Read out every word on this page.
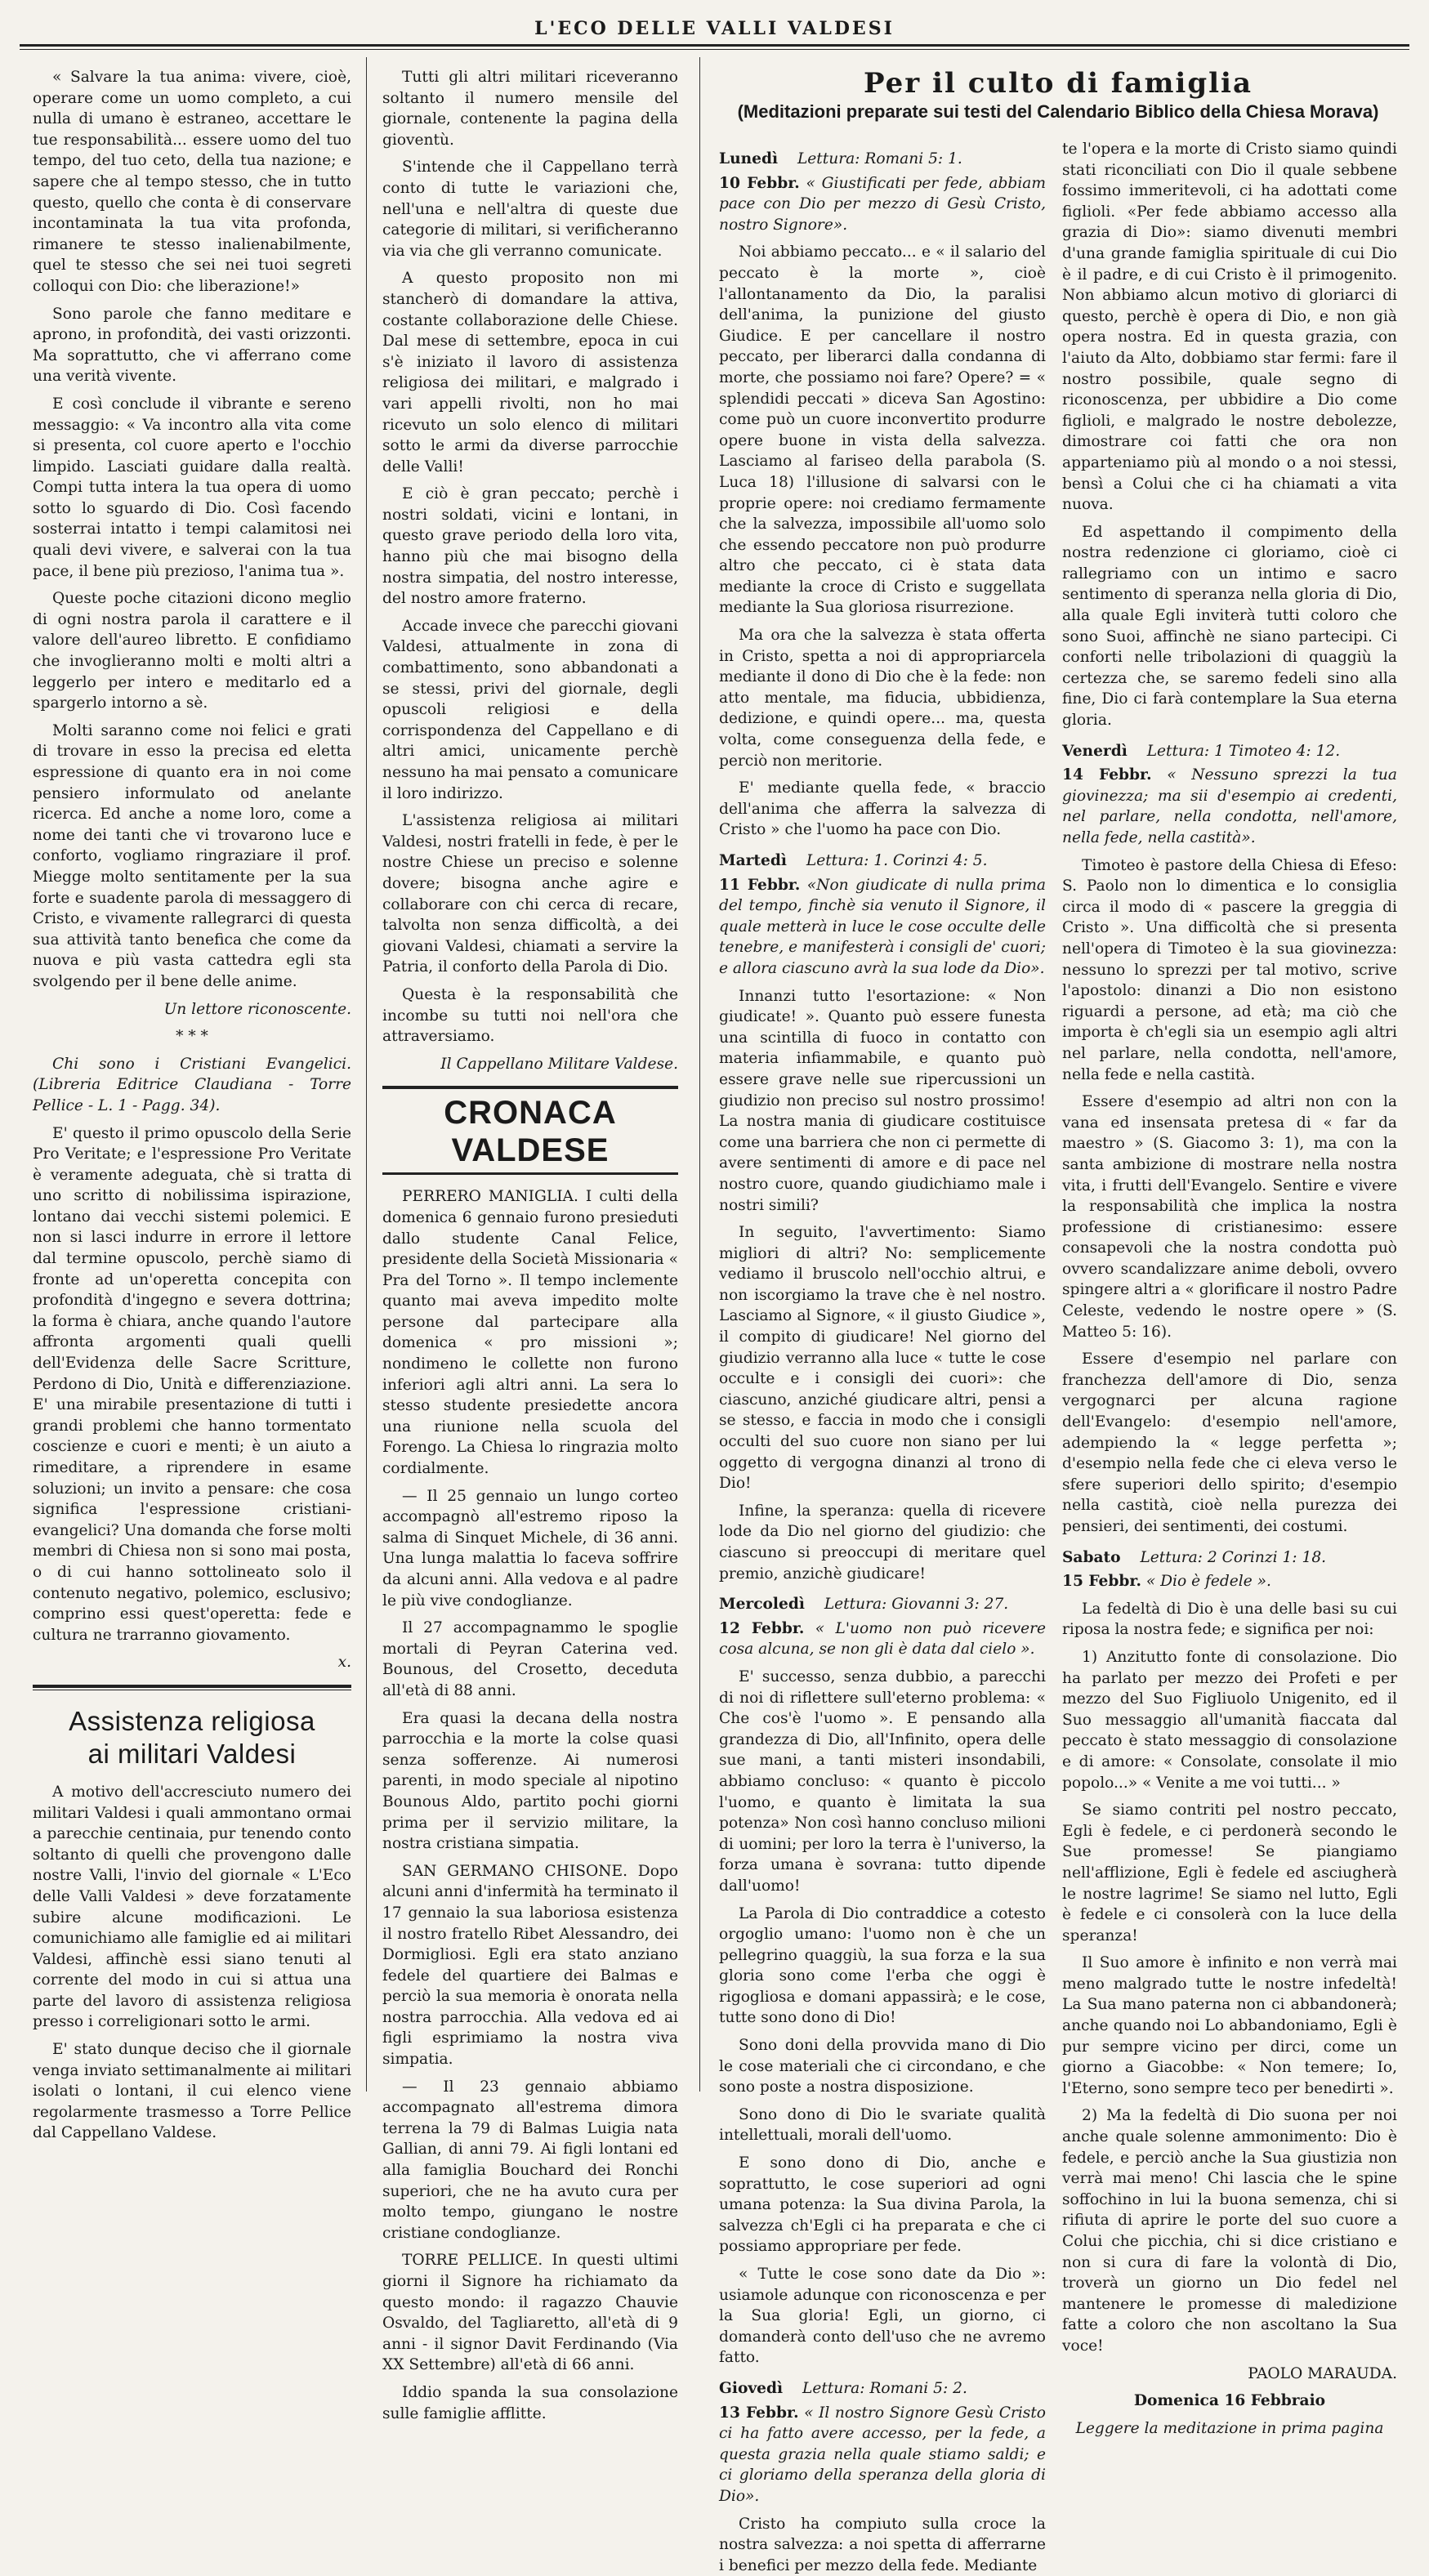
L'ECO DELLE VALLI VALDESI

« Salvare la tua anima: vivere, cioè, operare come un uomo completo, a cui nulla di umano è estraneo, accettare le tue responsabilità... essere uomo del tuo tempo, del tuo ceto, della tua nazione; e sapere che al tempo stesso, che in tutto questo, quello che conta è di conservare incontaminata la tua vita profonda, rimanere te stesso inalienabilmente, quel te stesso che sei nei tuoi segreti colloqui con Dio: che liberazione!»

Sono parole che fanno meditare e aprono, in profondità, dei vasti orizzonti. Ma soprattutto, che vi afferrano come una verità vivente.

E così conclude il vibrante e sereno messaggio: « Va incontro alla vita come si presenta, col cuore aperto e l'occhio limpido. Lasciati guidare dalla realtà. Compi tutta intera la tua opera di uomo sotto lo sguardo di Dio. Così facendo sosterrai intatto i tempi calamitosi nei quali devi vivere, e salverai con la tua pace, il bene più prezioso, l'anima tua ».

Queste poche citazioni dicono meglio di ogni nostra parola il carattere e il valore dell'aureo libretto. E confidiamo che invoglieranno molti e molti altri a leggerlo per intero e meditarlo ed a spargerlo intorno a sè.

Molti saranno come noi felici e grati di trovare in esso la precisa ed eletta espressione di quanto era in noi come pensiero informulato od anelante ricerca. Ed anche a nome loro, come a nome dei tanti che vi trovarono luce e conforto, vogliamo ringraziare il prof. Miegge molto sentitamente per la sua forte e suadente parola di messaggero di Cristo, e vivamente rallegrarci di questa sua attività tanto benefica che come da nuova e più vasta cattedra egli sta svolgendo per il bene delle anime.

Un lettore riconoscente.

* * *

Chi sono i Cristiani Evangelici. (Libreria Editrice Claudiana - Torre Pellice - L. 1 - Pagg. 34).

E' questo il primo opuscolo della Serie Pro Veritate; e l'espressione Pro Veritate è veramente adeguata, chè si tratta di uno scritto di nobilissima ispirazione, lontano dai vecchi sistemi polemici. E non si lasci indurre in errore il lettore dal termine opuscolo, perchè siamo di fronte ad un'operetta concepita con profondità d'ingegno e severa dottrina; la forma è chiara, anche quando l'autore affronta argomenti quali quelli dell'Evidenza delle Sacre Scritture, Perdono di Dio, Unità e differenziazione. E' una mirabile presentazione di tutti i grandi problemi che hanno tormentato coscienze e cuori e menti; è un aiuto a rimeditare, a riprendere in esame soluzioni; un invito a pensare: che cosa significa l'espressione cristiani-evangelici? Una domanda che forse molti membri di Chiesa non si sono mai posta, o di cui hanno sottolineato solo il contenuto negativo, polemico, esclusivo; comprino essi quest'operetta: fede e cultura ne trarranno giovamento.

x.

Assistenza religiosa
ai militari Valdesi

A motivo dell'accresciuto numero dei militari Valdesi i quali ammontano ormai a parecchie centinaia, pur tenendo conto soltanto di quelli che provengono dalle nostre Valli, l'invio del giornale « L'Eco delle Valli Valdesi » deve forzatamente subire alcune modificazioni. Le comunichiamo alle famiglie ed ai militari Valdesi, affinchè essi siano tenuti al corrente del modo in cui si attua una parte del lavoro di assistenza religiosa presso i correligionari sotto le armi.

E' stato dunque deciso che il giornale venga inviato settimanalmente ai militari isolati o lontani, il cui elenco viene regolarmente trasmesso a Torre Pellice dal Cappellano Valdese.

Tutti gli altri militari riceveranno soltanto il numero mensile del giornale, contenente la pagina della gioventù.

S'intende che il Cappellano terrà conto di tutte le variazioni che, nell'una e nell'altra di queste due categorie di militari, si verificheranno via via che gli verranno comunicate.

A questo proposito non mi stancherò di domandare la attiva, costante collaborazione delle Chiese. Dal mese di settembre, epoca in cui s'è iniziato il lavoro di assistenza religiosa dei militari, e malgrado i vari appelli rivolti, non ho mai ricevuto un solo elenco di militari sotto le armi da diverse parrocchie delle Valli!

E ciò è gran peccato; perchè i nostri soldati, vicini e lontani, in questo grave periodo della loro vita, hanno più che mai bisogno della nostra simpatia, del nostro interesse, del nostro amore fraterno.

Accade invece che parecchi giovani Valdesi, attualmente in zona di combattimento, sono abbandonati a se stessi, privi del giornale, degli opuscoli religiosi e della corrispondenza del Cappellano e di altri amici, unicamente perchè nessuno ha mai pensato a comunicare il loro indirizzo.

L'assistenza religiosa ai militari Valdesi, nostri fratelli in fede, è per le nostre Chiese un preciso e solenne dovere; bisogna anche agire e collaborare con chi cerca di recare, talvolta non senza difficoltà, a dei giovani Valdesi, chiamati a servire la Patria, il conforto della Parola di Dio.

Questa è la responsabilità che incombe su tutti noi nell'ora che attraversiamo.

Il Cappellano Militare Valdese.

CRONACA VALDESE

PERRERO MANIGLIA. I culti della domenica 6 gennaio furono presieduti dallo studente Canal Felice, presidente della Società Missionaria « Pra del Torno ». Il tempo inclemente quanto mai aveva impedito molte persone dal partecipare alla domenica « pro missioni »; nondimeno le collette non furono inferiori agli altri anni. La sera lo stesso studente presiedette ancora una riunione nella scuola del Forengo. La Chiesa lo ringrazia molto cordialmente.

— Il 25 gennaio un lungo corteo accompagnò all'estremo riposo la salma di Sinquet Michele, di 36 anni. Una lunga malattia lo faceva soffrire da alcuni anni. Alla vedova e al padre le più vive condoglianze.

Il 27 accompagnammo le spoglie mortali di Peyran Caterina ved. Bounous, del Crosetto, deceduta all'età di 88 anni.

Era quasi la decana della nostra parrocchia e la morte la colse quasi senza sofferenze. Ai numerosi parenti, in modo speciale al nipotino Bounous Aldo, partito pochi giorni prima per il servizio militare, la nostra cristiana simpatia.

SAN GERMANO CHISONE. Dopo alcuni anni d'infermità ha terminato il 17 gennaio la sua laboriosa esistenza il nostro fratello Ribet Alessandro, dei Dormigliosi. Egli era stato anziano fedele del quartiere dei Balmas e perciò la sua memoria è onorata nella nostra parrocchia. Alla vedova ed ai figli esprimiamo la nostra viva simpatia.

— Il 23 gennaio abbiamo accompagnato all'estrema dimora terrena la 79 di Balmas Luigia nata Gallian, di anni 79. Ai figli lontani ed alla famiglia Bouchard dei Ronchi superiori, che ne ha avuto cura per molto tempo, giungano le nostre cristiane condoglianze.

TORRE PELLICE. In questi ultimi giorni il Signore ha richiamato da questo mondo: il ragazzo Chauvie Osvaldo, del Tagliaretto, all'età di 9 anni - il signor Davit Ferdinando (Via XX Settembre) all'età di 66 anni.

Iddio spanda la sua consolazione sulle famiglie afflitte.

Per il culto di famiglia
(Meditazioni preparate sui testi del Calendario Biblico della Chiesa Morava)
Lunedì Lettura: Romani 5: 1.

10 Febbr. « Giustificati per fede, abbiam pace con Dio per mezzo di Gesù Cristo, nostro Signore».

Noi abbiamo peccato... e « il salario del peccato è la morte », cioè l'allontanamento da Dio, la paralisi dell'anima, la punizione del giusto Giudice. E per cancellare il nostro peccato, per liberarci dalla condanna di morte, che possiamo noi fare? Opere? = « splendidi peccati » diceva San Agostino: come può un cuore inconvertito produrre opere buone in vista della salvezza. Lasciamo al fariseo della parabola (S. Luca 18) l'illusione di salvarsi con le proprie opere: noi crediamo fermamente che la salvezza, impossibile all'uomo solo che essendo peccatore non può produrre altro che peccato, ci è stata data mediante la croce di Cristo e suggellata mediante la Sua gloriosa risurrezione.

Ma ora che la salvezza è stata offerta in Cristo, spetta a noi di appropriarcela mediante il dono di Dio che è la fede: non atto mentale, ma fiducia, ubbidienza, dedizione, e quindi opere... ma, questa volta, come conseguenza della fede, e perciò non meritorie.

E' mediante quella fede, « braccio dell'anima che afferra la salvezza di Cristo » che l'uomo ha pace con Dio.

Martedì Lettura: 1. Corinzi 4: 5.

11 Febbr. «Non giudicate di nulla prima del tempo, finchè sia venuto il Signore, il quale metterà in luce le cose occulte delle tenebre, e manifesterà i consigli de' cuori; e allora ciascuno avrà la sua lode da Dio».

Innanzi tutto l'esortazione: « Non giudicate! ». Quanto può essere funesta una scintilla di fuoco in contatto con materia infiammabile, e quanto può essere grave nelle sue ripercussioni un giudizio non preciso sul nostro prossimo! La nostra mania di giudicare costituisce come una barriera che non ci permette di avere sentimenti di amore e di pace nel nostro cuore, quando giudichiamo male i nostri simili?

In seguito, l'avvertimento: Siamo migliori di altri? No: semplicemente vediamo il bruscolo nell'occhio altrui, e non iscorgiamo la trave che è nel nostro. Lasciamo al Signore, « il giusto Giudice », il compito di giudicare! Nel giorno del giudizio verranno alla luce « tutte le cose occulte e i consigli dei cuori»: che ciascuno, anziché giudicare altri, pensi a se stesso, e faccia in modo che i consigli occulti del suo cuore non siano per lui oggetto di vergogna dinanzi al trono di Dio!

Infine, la speranza: quella di ricevere lode da Dio nel giorno del giudizio: che ciascuno si preoccupi di meritare quel premio, anzichè giudicare!

Mercoledì Lettura: Giovanni 3: 27.

12 Febbr. « L'uomo non può ricevere cosa alcuna, se non gli è data dal cielo ».

E' successo, senza dubbio, a parecchi di noi di riflettere sull'eterno problema: « Che cos'è l'uomo ». E pensando alla grandezza di Dio, all'Infinito, opera delle sue mani, a tanti misteri insondabili, abbiamo concluso: « quanto è piccolo l'uomo, e quanto è limitata la sua potenza» Non così hanno concluso milioni di uomini; per loro la terra è l'universo, la forza umana è sovrana: tutto dipende dall'uomo!

La Parola di Dio contraddice a cotesto orgoglio umano: l'uomo non è che un pellegrino quaggiù, la sua forza e la sua gloria sono come l'erba che oggi è rigogliosa e domani appassirà; e le cose, tutte sono dono di Dio!

Sono doni della provvida mano di Dio le cose materiali che ci circondano, e che sono poste a nostra disposizione.

Sono dono di Dio le svariate qualità intellettuali, morali dell'uomo.

E sono dono di Dio, anche e soprattutto, le cose superiori ad ogni umana potenza: la Sua divina Parola, la salvezza ch'Egli ci ha preparata e che ci possiamo appropriare per fede.

« Tutte le cose sono date da Dio »: usiamole adunque con riconoscenza e per la Sua gloria! Egli, un giorno, ci domanderà conto dell'uso che ne avremo fatto.

Giovedì Lettura: Romani 5: 2.

13 Febbr. « Il nostro Signore Gesù Cristo ci ha fatto avere accesso, per la fede, a questa grazia nella quale stiamo saldi; e ci gloriamo della speranza della gloria di Dio».

Cristo ha compiuto sulla croce la nostra salvezza: a noi spetta di afferrarne i benefici per mezzo della fede. Mediante

te l'opera e la morte di Cristo siamo quindi stati riconciliati con Dio il quale sebbene fossimo immeritevoli, ci ha adottati come figlioli. «Per fede abbiamo accesso alla grazia di Dio»: siamo divenuti membri d'una grande famiglia spirituale di cui Dio è il padre, e di cui Cristo è il primogenito. Non abbiamo alcun motivo di gloriarci di questo, perchè è opera di Dio, e non già opera nostra. Ed in questa grazia, con l'aiuto da Alto, dobbiamo star fermi: fare il nostro possibile, quale segno di riconoscenza, per ubbidire a Dio come figlioli, e malgrado le nostre debolezze, dimostrare coi fatti che ora non apparteniamo più al mondo o a noi stessi, bensì a Colui che ci ha chiamati a vita nuova.

Ed aspettando il compimento della nostra redenzione ci gloriamo, cioè ci rallegriamo con un intimo e sacro sentimento di speranza nella gloria di Dio, alla quale Egli inviterà tutti coloro che sono Suoi, affinchè ne siano partecipi. Ci conforti nelle tribolazioni di quaggiù la certezza che, se saremo fedeli sino alla fine, Dio ci farà contemplare la Sua eterna gloria.

Venerdì Lettura: 1 Timoteo 4: 12.

14 Febbr. « Nessuno sprezzi la tua giovinezza; ma sii d'esempio ai credenti, nel parlare, nella condotta, nell'amore, nella fede, nella castità».

Timoteo è pastore della Chiesa di Efeso: S. Paolo non lo dimentica e lo consiglia circa il modo di « pascere la greggia di Cristo ». Una difficoltà che si presenta nell'opera di Timoteo è la sua giovinezza: nessuno lo sprezzi per tal motivo, scrive l'apostolo: dinanzi a Dio non esistono riguardi a persone, ad età; ma ciò che importa è ch'egli sia un esempio agli altri nel parlare, nella condotta, nell'amore, nella fede e nella castità.

Essere d'esempio ad altri non con la vana ed insensata pretesa di « far da maestro » (S. Giacomo 3: 1), ma con la santa ambizione di mostrare nella nostra vita, i frutti dell'Evangelo. Sentire e vivere la responsabilità che implica la nostra professione di cristianesimo: essere consapevoli che la nostra condotta può ovvero scandalizzare anime deboli, ovvero spingere altri a « glorificare il nostro Padre Celeste, vedendo le nostre opere » (S. Matteo 5: 16).

Essere d'esempio nel parlare con franchezza dell'amore di Dio, senza vergognarci per alcuna ragione dell'Evangelo: d'esempio nell'amore, adempiendo la « legge perfetta »; d'esempio nella fede che ci eleva verso le sfere superiori dello spirito; d'esempio nella castità, cioè nella purezza dei pensieri, dei sentimenti, dei costumi.

Sabato Lettura: 2 Corinzi 1: 18.

15 Febbr. « Dio è fedele ».

La fedeltà di Dio è una delle basi su cui riposa la nostra fede; e significa per noi:

1) Anzitutto fonte di consolazione. Dio ha parlato per mezzo dei Profeti e per mezzo del Suo Figliuolo Unigenito, ed il Suo messaggio all'umanità fiaccata dal peccato è stato messaggio di consolazione e di amore: « Consolate, consolate il mio popolo...» « Venite a me voi tutti... »

Se siamo contriti pel nostro peccato, Egli è fedele, e ci perdonerà secondo le Sue promesse! Se piangiamo nell'afflizione, Egli è fedele ed asciugherà le nostre lagrime! Se siamo nel lutto, Egli è fedele e ci consolerà con la luce della speranza!

Il Suo amore è infinito e non verrà mai meno malgrado tutte le nostre infedeltà! La Sua mano paterna non ci abbandonerà; anche quando noi Lo abbandoniamo, Egli è pur sempre vicino per dirci, come un giorno a Giacobbe: « Non temere; Io, l'Eterno, sono sempre teco per benedirti ».

2) Ma la fedeltà di Dio suona per noi anche quale solenne ammonimento: Dio è fedele, e perciò anche la Sua giustizia non verrà mai meno! Chi lascia che le spine soffochino in lui la buona semenza, chi si rifiuta di aprire le porte del suo cuore a Colui che picchia, chi si dice cristiano e non si cura di fare la volontà di Dio, troverà un giorno un Dio fedel nel mantenere le promesse di maledizione fatte a coloro che non ascoltano la Sua voce!

PAOLO MARAUDA.

Domenica 16 Febbraio

Leggere la meditazione in prima pagina
